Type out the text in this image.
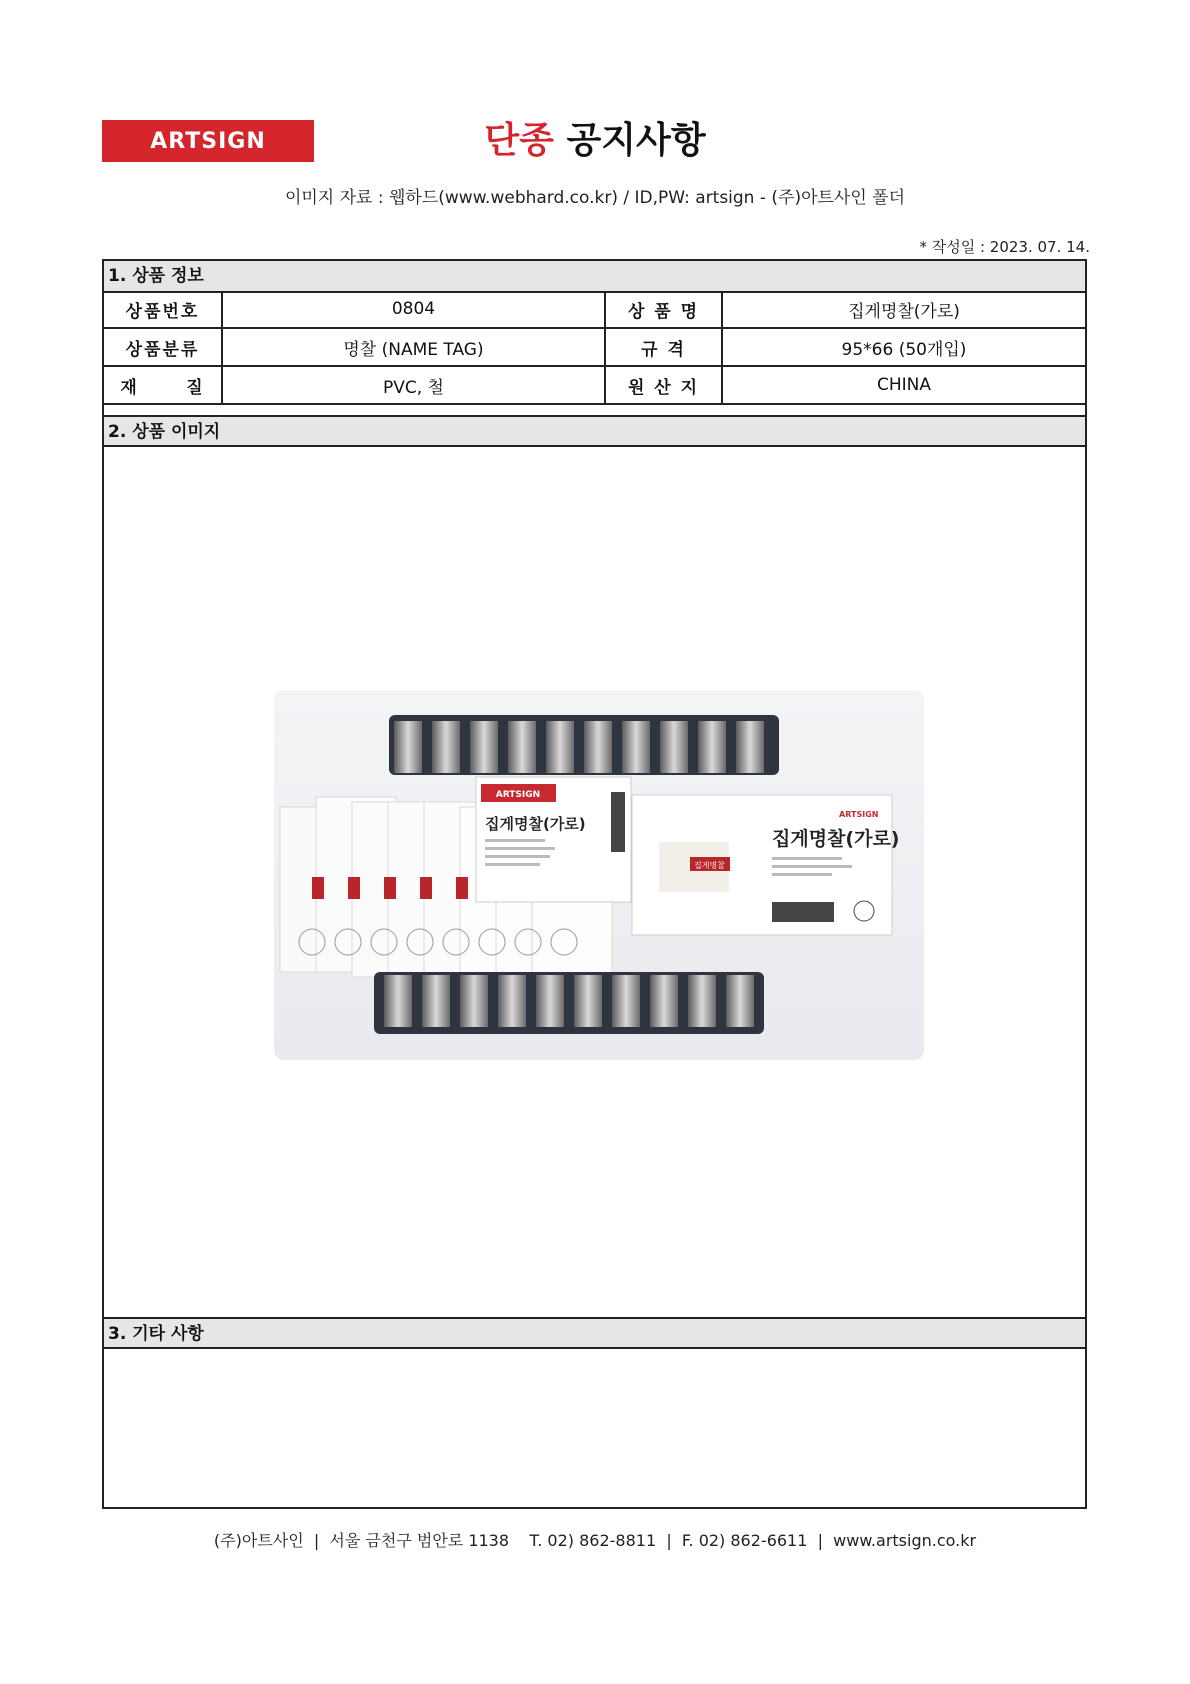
ARTSIGN	단종 공지사항
이미지 자료 : 웹하드(www.webhard.co.kr) / ID,PW: artsign - (주)아트사인 폴더
* 작성일 : 2023. 07. 14.
1. 상품 정보
상품번호	0804	상 품 명	집게명찰(가로)
상품분류	명찰 (NAME TAG)	규 격	95*66 (50개입)
재      질	PVC, 철	원 산 지	CHINA
2. 상품 이미지
ARTSIGN
집게명찰(가로)
ARTSIGN
집게명찰(가로)
집게명찰
3. 기타 사항
(주)아트사인  |  서울 금천구 범안로 1138    T. 02) 862-8811  |  F. 02) 862-6611  |  www.artsign.co.kr
